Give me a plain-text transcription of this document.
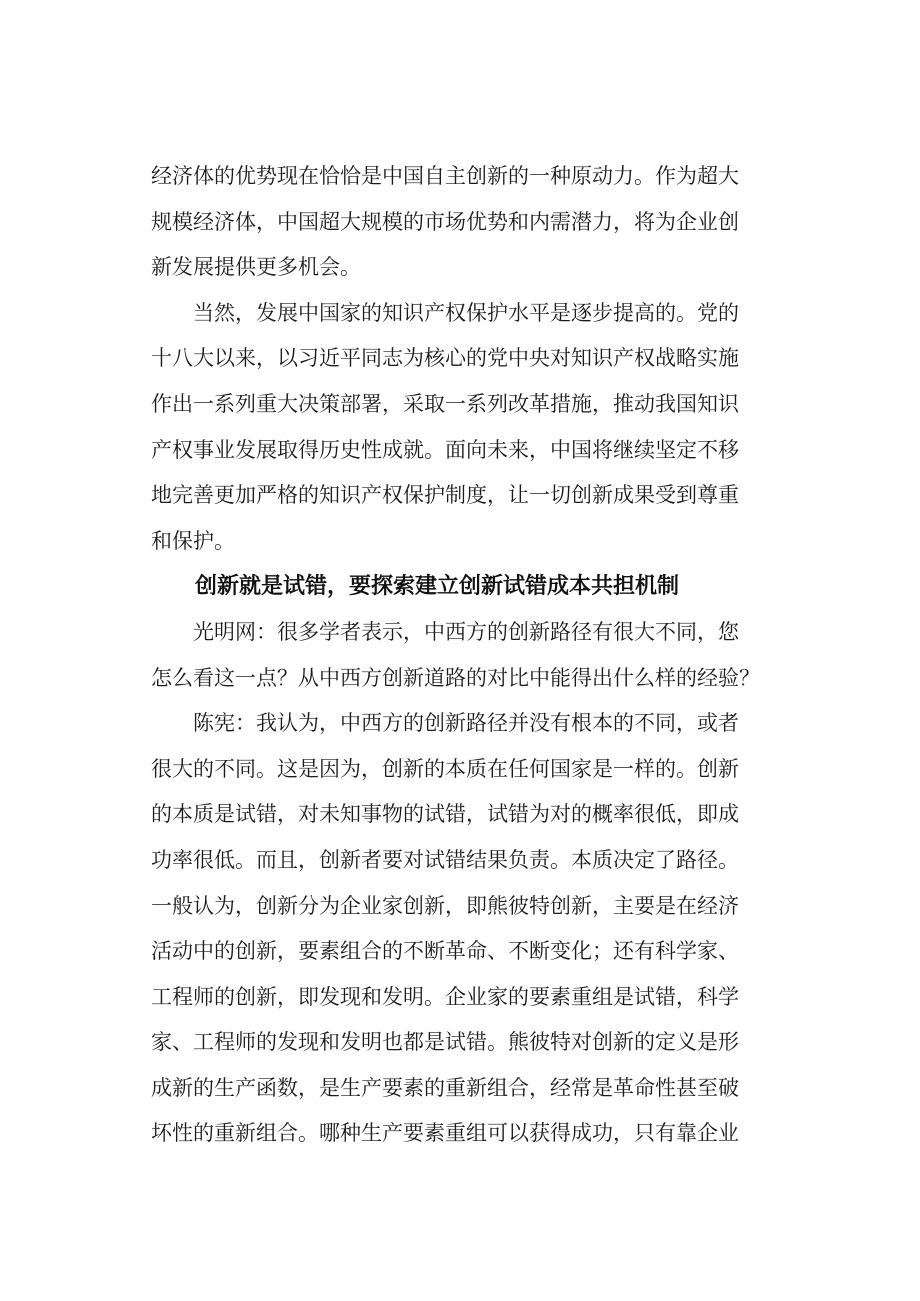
经济体的优势现在恰恰是中国自主创新的一种原动力。作为超大
规模经济体，中国超大规模的市场优势和内需潜力，将为企业创
新发展提供更多机会。

　　当然，发展中国家的知识产权保护水平是逐步提高的。党的
十八大以来，以习近平同志为核心的党中央对知识产权战略实施
作出一系列重大决策部署，采取一系列改革措施，推动我国知识
产权事业发展取得历史性成就。面向未来，中国将继续坚定不移
地完善更加严格的知识产权保护制度，让一切创新成果受到尊重
和保护。

创新就是试错，要探索建立创新试错成本共担机制

　　光明网：很多学者表示，中西方的创新路径有很大不同，您
怎么看这一点？从中西方创新道路的对比中能得出什么样的经验？

　　陈宪：我认为，中西方的创新路径并没有根本的不同，或者
很大的不同。这是因为，创新的本质在任何国家是一样的。创新
的本质是试错，对未知事物的试错，试错为对的概率很低，即成
功率很低。而且，创新者要对试错结果负责。本质决定了路径。
一般认为，创新分为企业家创新，即熊彼特创新，主要是在经济
活动中的创新，要素组合的不断革命、不断变化；还有科学家、
工程师的创新，即发现和发明。企业家的要素重组是试错，科学
家、工程师的发现和发明也都是试错。熊彼特对创新的定义是形
成新的生产函数，是生产要素的重新组合，经常是革命性甚至破
坏性的重新组合。哪种生产要素重组可以获得成功，只有靠企业
